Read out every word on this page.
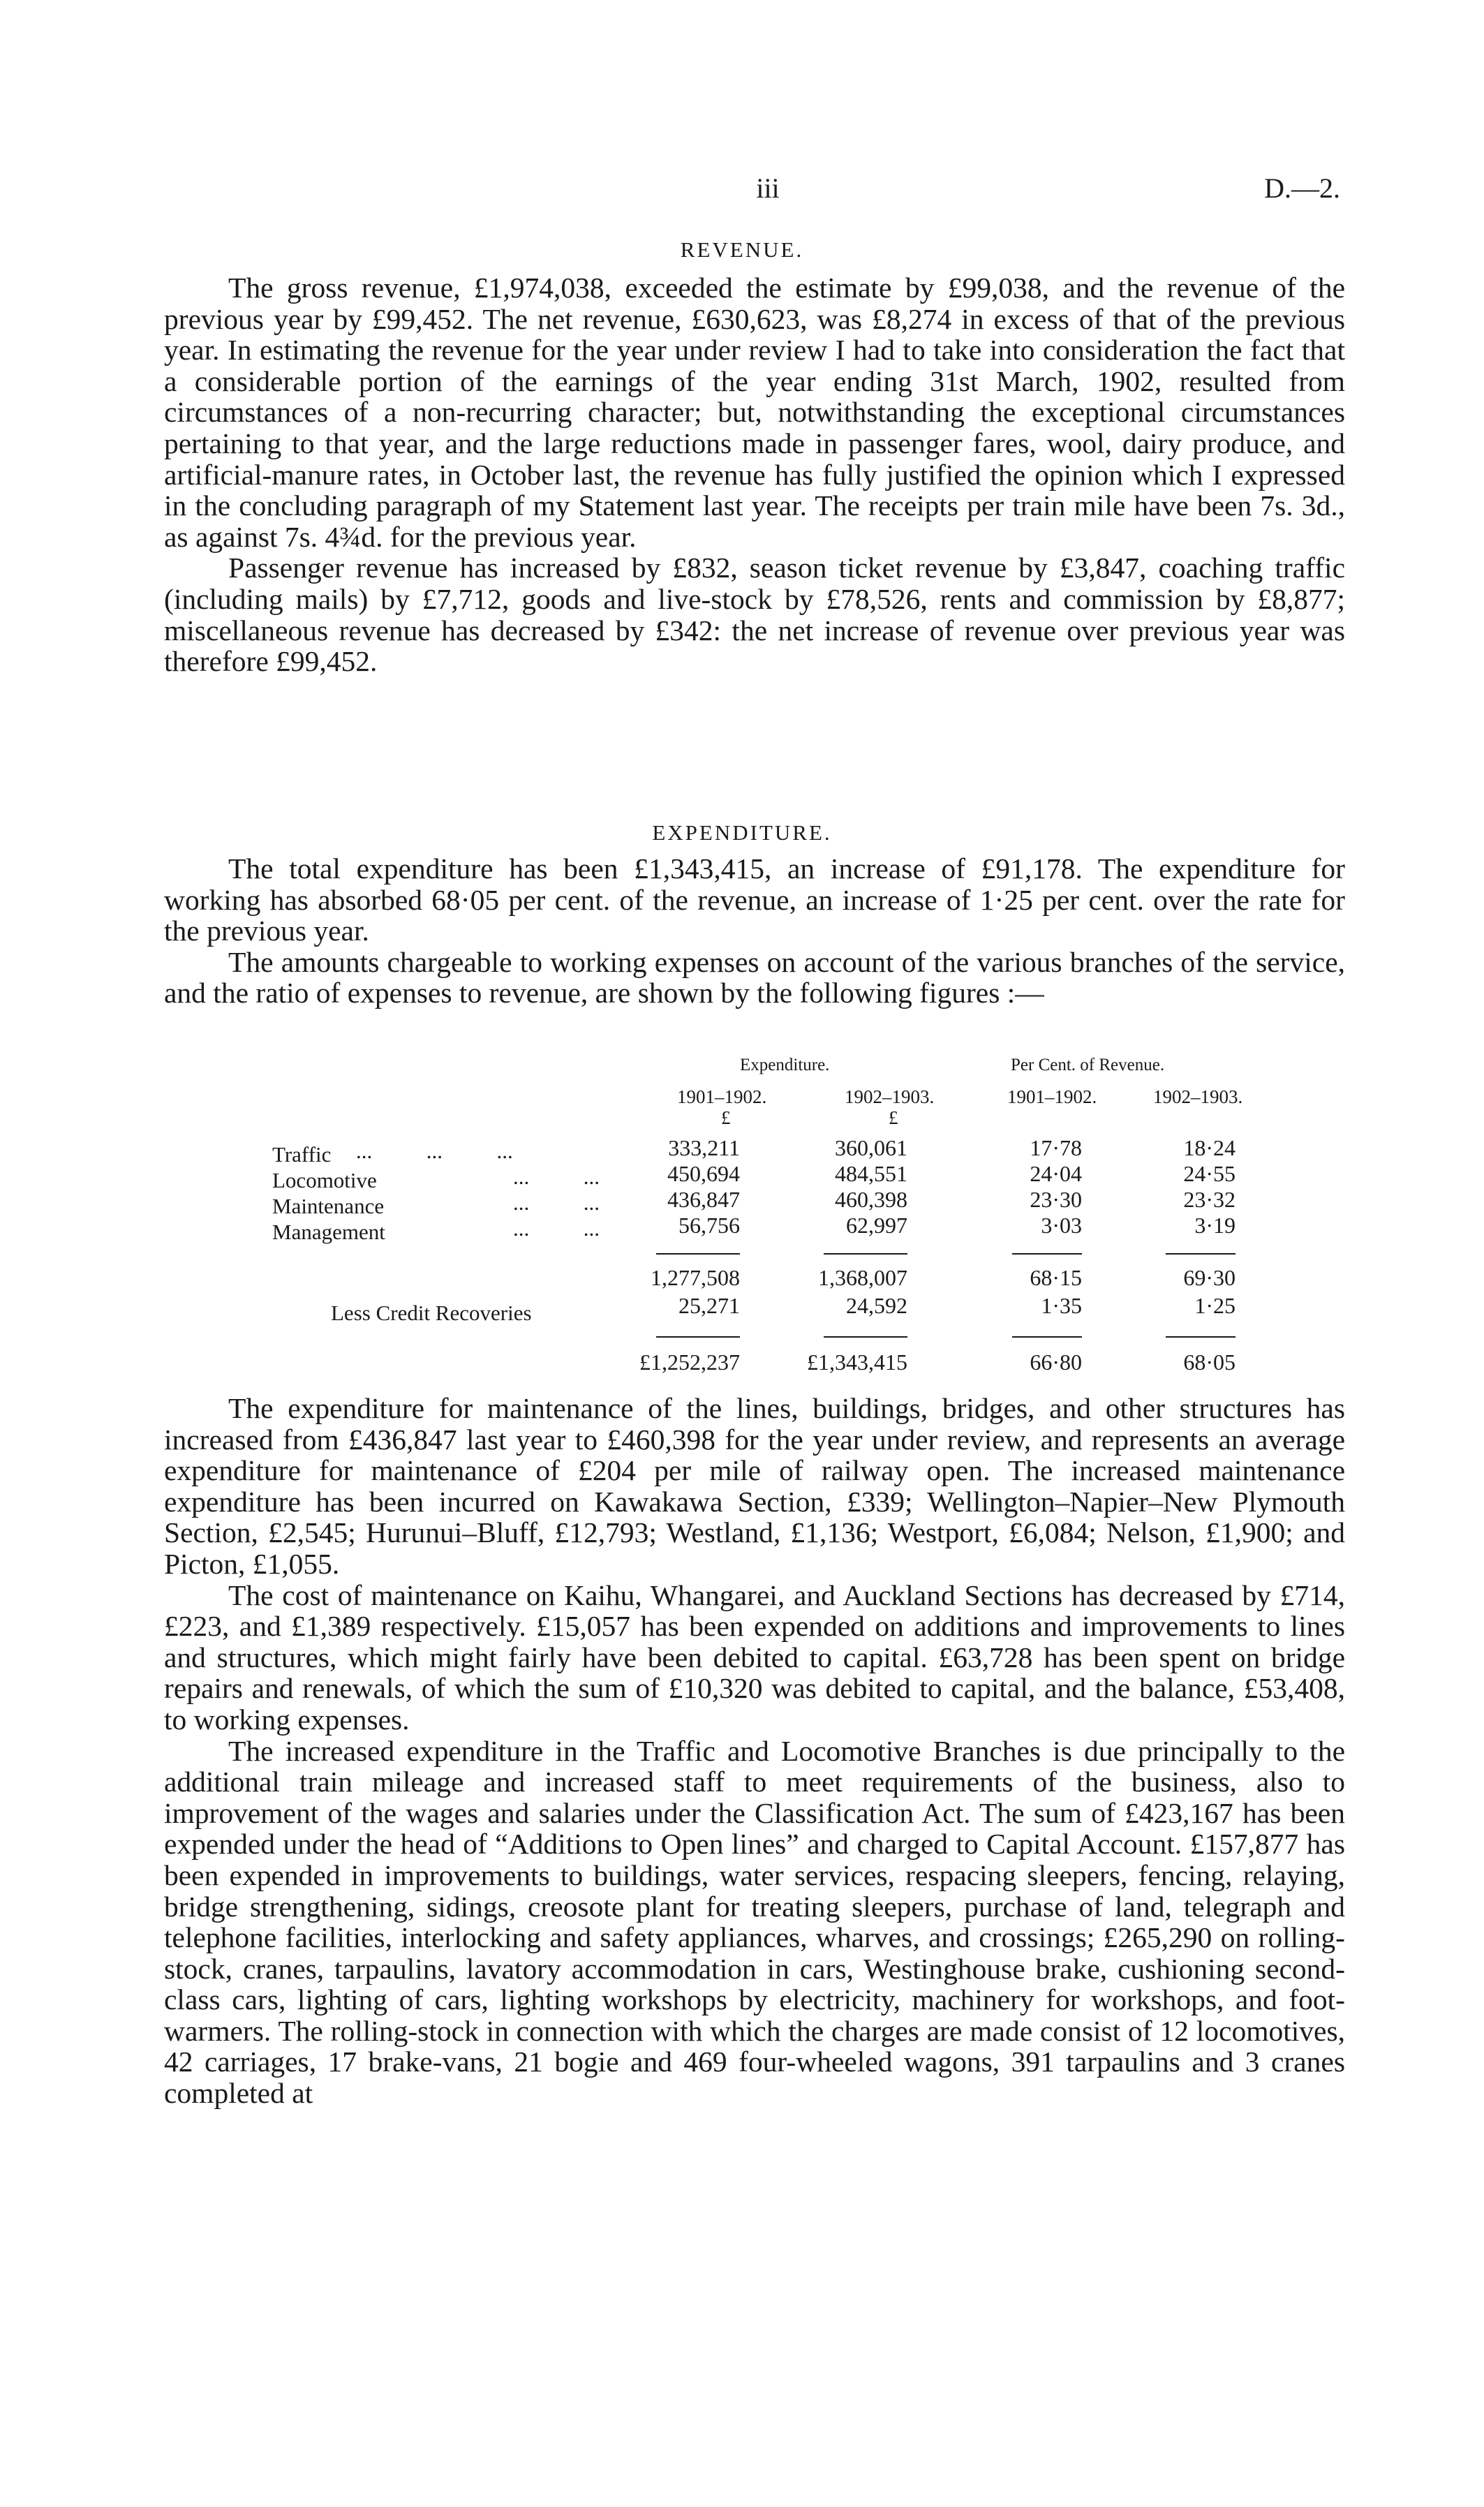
iii	D.—2.
REVENUE.

The gross revenue, £1,974,038, exceeded the estimate by £99,038, and the revenue of the previous year by £99,452. The net revenue, £630,623, was £8,274 in excess of that of the previous year. In estimating the revenue for the year under review I had to take into consideration the fact that a considerable portion of the earnings of the year ending 31st March, 1902, resulted from circumstances of a non-recurring character; but, notwithstanding the exceptional circumstances pertaining to that year, and the large reductions made in passenger fares, wool, dairy produce, and artificial-manure rates, in October last, the revenue has fully justified the opinion which I expressed in the concluding paragraph of my Statement last year. The receipts per train mile have been 7s. 3d., as against 7s. 4¾d. for the previous year.

Passenger revenue has increased by £832, season ticket revenue by £3,847, coaching traffic (including mails) by £7,712, goods and live-stock by £78,526, rents and commission by £8,877; miscellaneous revenue has decreased by £342: the net increase of revenue over previous year was therefore £99,452.

EXPENDITURE.

The total expenditure has been £1,343,415, an increase of £91,178. The expenditure for working has absorbed 68·05 per cent. of the revenue, an increase of 1·25 per cent. over the rate for the previous year.

The amounts chargeable to working expenses on account of the various branches of the service, and the ratio of expenses to revenue, are shown by the following figures :—

Expenditure.	Per Cent. of Revenue.
1901–1902.	1902–1903.	1901–1902.	1902–1903.
£	£
Traffic ...          ...          ...	333,211	360,061	17·78	18·24
Locomotive	...          ...	450,694	484,551	24·04	24·55
Maintenance	...          ...	436,847	460,398	23·30	23·32
Management	...          ...	56,756	62,997	3·03	3·19
1,277,508	1,368,007	68·15	69·30
Less Credit Recoveries	25,271	24,592	1·35	1·25
£1,252,237	£1,343,415	66·80	68·05

The expenditure for maintenance of the lines, buildings, bridges, and other structures has increased from £436,847 last year to £460,398 for the year under review, and represents an average expenditure for maintenance of £204 per mile of railway open. The increased maintenance expenditure has been incurred on Kawakawa Section, £339; Wellington–Napier–New Plymouth Section, £2,545; Hurunui–Bluff, £12,793; Westland, £1,136; Westport, £6,084; Nelson, £1,900; and Picton, £1,055.

The cost of maintenance on Kaihu, Whangarei, and Auckland Sections has decreased by £714, £223, and £1,389 respectively. £15,057 has been expended on additions and improvements to lines and structures, which might fairly have been debited to capital. £63,728 has been spent on bridge repairs and renewals, of which the sum of £10,320 was debited to capital, and the balance, £53,408, to working expenses.

The increased expenditure in the Traffic and Locomotive Branches is due principally to the additional train mileage and increased staff to meet requirements of the business, also to improvement of the wages and salaries under the Classification Act. The sum of £423,167 has been expended under the head of “Additions to Open lines” and charged to Capital Account. £157,877 has been expended in improvements to buildings, water services, respacing sleepers, fencing, relaying, bridge strengthening, sidings, creosote plant for treating sleepers, purchase of land, telegraph and telephone facilities, interlocking and safety appliances, wharves, and crossings; £265,290 on rolling-stock, cranes, tarpaulins, lavatory accommodation in cars, Westinghouse brake, cushioning second-class cars, lighting of cars, lighting workshops by electricity, machinery for workshops, and foot-warmers. The rolling-stock in connection with which the charges are made consist of 12 locomotives, 42 carriages, 17 brake-vans, 21 bogie and 469 four-wheeled wagons, 391 tarpaulins and 3 cranes completed at
